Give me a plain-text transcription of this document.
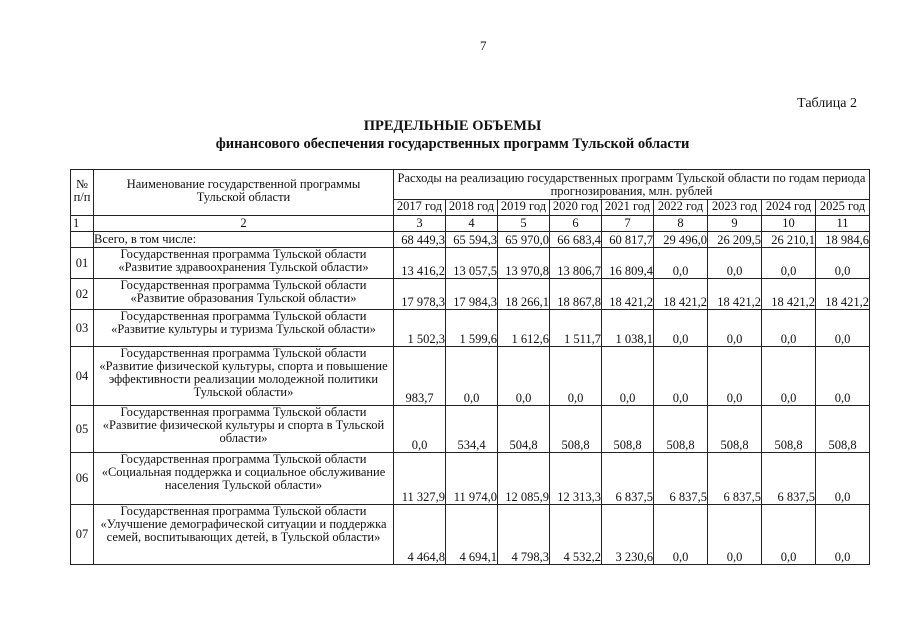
7
Таблица 2
ПРЕДЕЛЬНЫЕ ОБЪЕМЫ
финансового обеспечения государственных программ Тульской области
№ п/п	Наименование государственной программы Тульской области	Расходы на реализацию государственных программ Тульской области по годам периода прогнозирования, млн. рублей								
		2017 год	2018 год	2019 год	2020 год	2021 год	2022 год	2023 год	2024 год	2025 год
1	2	3	4	5	6	7	8	9	10	11
	Всего, в том числе:	68 449,3	65 594,3	65 970,0	66 683,4	60 817,7	29 496,0	26 209,5	26 210,1	18 984,6
01	Государственная программа Тульской области «Развитие здравоохранения Тульской области»	13 416,2	13 057,5	13 970,8	13 806,7	16 809,4	0,0	0,0	0,0	0,0
02	Государственная программа Тульской области «Развитие образования Тульской области»	17 978,3	17 984,3	18 266,1	18 867,8	18 421,2	18 421,2	18 421,2	18 421,2	18 421,2
03	Государственная программа Тульской области «Развитие культуры и туризма Тульской области»	1 502,3	1 599,6	1 612,6	1 511,7	1 038,1	0,0	0,0	0,0	0,0
04	Государственная программа Тульской области «Развитие физической культуры, спорта и повышение эффективности реализации молодежной политики Тульской области»	983,7	0,0	0,0	0,0	0,0	0,0	0,0	0,0	0,0
05	Государственная программа Тульской области «Развитие физической культуры и спорта в Тульской области»	0,0	534,4	504,8	508,8	508,8	508,8	508,8	508,8	508,8
06	Государственная программа Тульской области «Социальная поддержка и социальное обслуживание населения Тульской области»	11 327,9	11 974,0	12 085,9	12 313,3	6 837,5	6 837,5	6 837,5	6 837,5	0,0
07	Государственная программа Тульской области «Улучшение демографической ситуации и поддержка семей, воспитывающих детей, в Тульской области»	4 464,8	4 694,1	4 798,3	4 532,2	3 230,6	0,0	0,0	0,0	0,0
